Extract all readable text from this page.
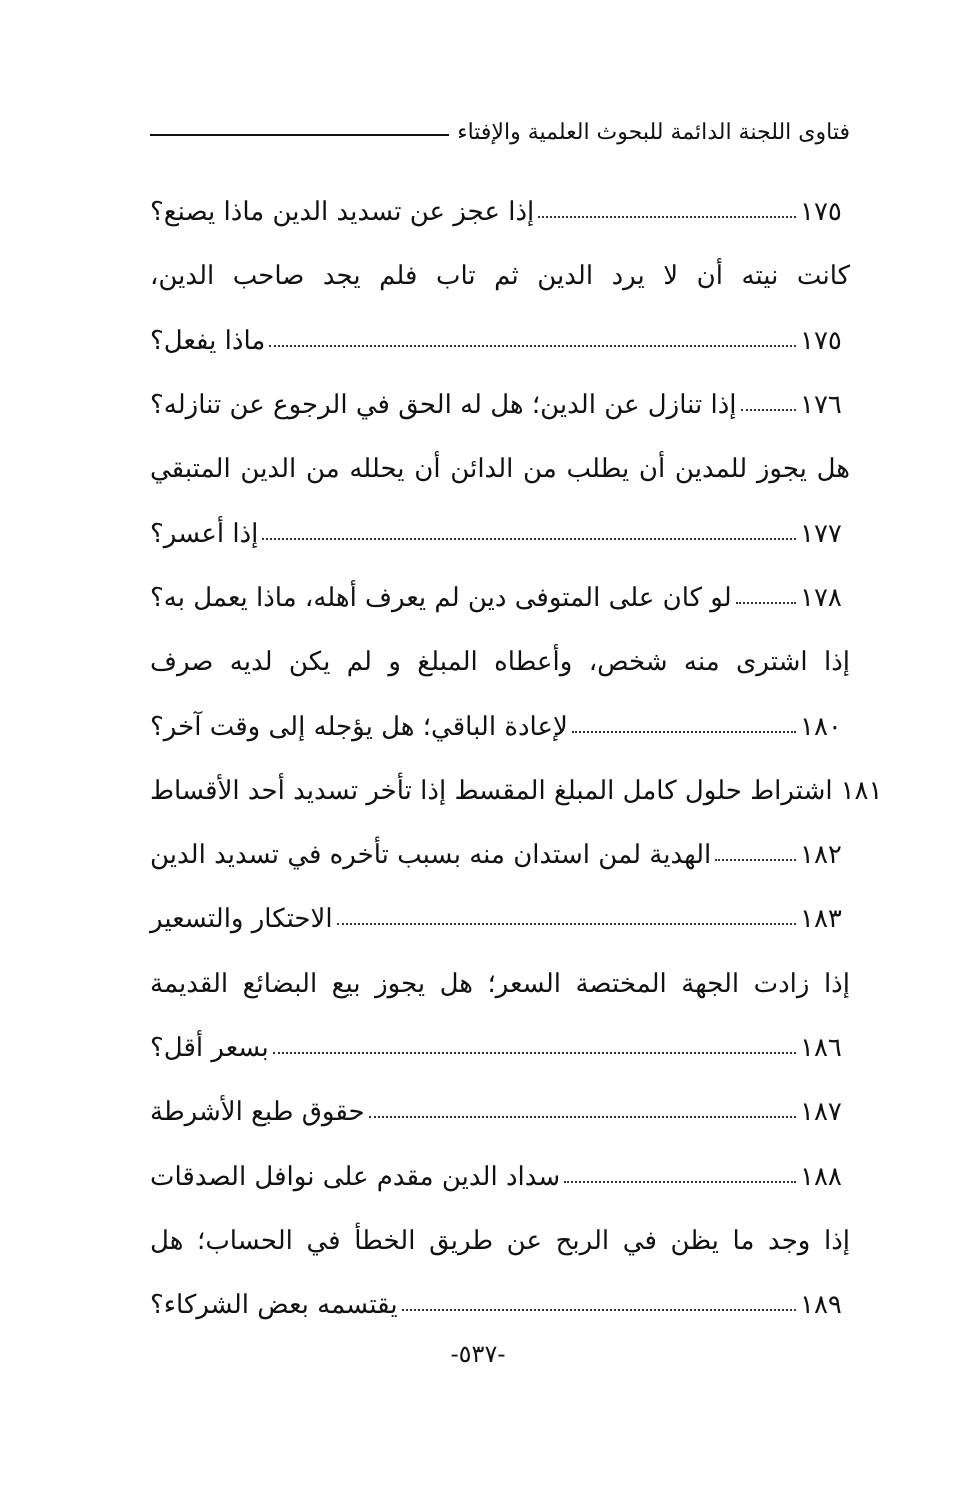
فتاوى اللجنة الدائمة للبحوث العلمية والإفتاء
إذا عجز عن تسديد الدين ماذا يصنع؟	١٧٥
كانت نيته أن لا يرد الدين ثم تاب فلم يجد صاحب الدين،
ماذا يفعل؟	١٧٥
إذا تنازل عن الدين؛ هل له الحق في الرجوع عن تنازله؟ ١٧٦
هل يجوز للمدين أن يطلب من الدائن أن يحلله من الدين المتبقي
إذا أعسر؟	١٧٧
لو كان على المتوفى دين لم يعرف أهله، ماذا يعمل به؟	١٧٨
إذا اشترى منه شخص، وأعطاه المبلغ و لم يكن لديه صرف
لإعادة الباقي؛ هل يؤجله إلى وقت آخر؟	١٨٠
اشتراط حلول كامل المبلغ المقسط إذا تأخر تسديد أحد الأقساط ١٨١
الهدية لمن استدان منه بسبب تأخره في تسديد الدين	١٨٢
الاحتكار والتسعير	١٨٣
إذا زادت الجهة المختصة السعر؛ هل يجوز بيع البضائع القديمة
بسعر أقل؟	١٨٦
حقوق طبع الأشرطة	١٨٧
سداد الدين مقدم على نوافل الصدقات	١٨٨
إذا وجد ما يظن في الربح عن طريق الخطأ في الحساب؛ هل
يقتسمه بعض الشركاء؟	١٨٩
-٥٣٧-
